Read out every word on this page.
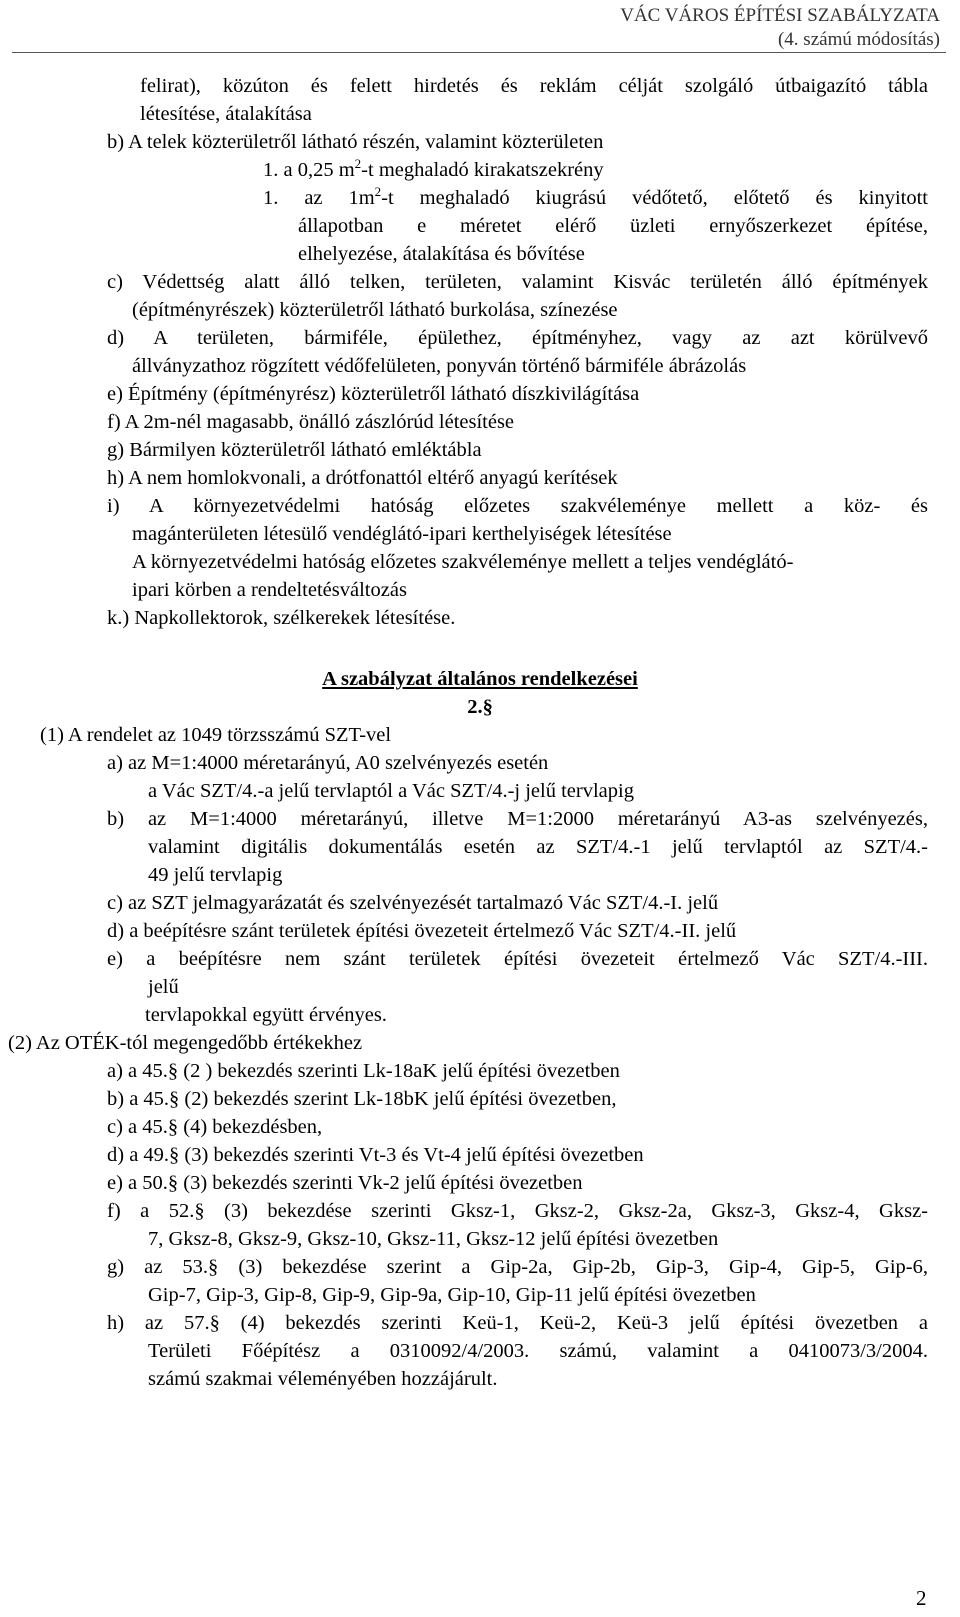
VÁC VÁROS ÉPÍTÉSI SZABÁLYZATA
(4. számú módosítás)
felirat), közúton és felett hirdetés és reklám célját szolgáló útbaigazító tábla
létesítése, átalakítása
b) A telek közterületről látható részén, valamint közterületen
1. a 0,25 $m^2-t$ meghaladó kirakatszekrény
1. az $1m^2-t$ meghaladó kiugrású védőtető, előtető és kinyitott
állapotban e méretet elérő üzleti ernyőszerkezet építése,
elhelyezése, átalakítása és bővítése
c) Védettség alatt álló telken, területen, valamint Kisvác területén álló építmények
(építményrészek) közterületről látható burkolása, színezése
d) A területen, bármiféle, épülethez, építményhez, vagy az azt körülvevő
állványzathoz rögzített védőfelületen, ponyván történő bármiféle ábrázolás
e) Építmény (építményrész) közterületről látható díszkivilágítása
f) A 2m-nél magasabb, önálló zászlórúd létesítése
g) Bármilyen közterületről látható emléktábla
h) A nem homlokvonali, a drótfonattól eltérő anyagú kerítések
i) A környezetvédelmi hatóság előzetes szakvéleménye mellett a köz- és
magánterületen létesülő vendéglátó-ipari kerthelyiségek létesítése
A környezetvédelmi hatóság előzetes szakvéleménye mellett a teljes vendéglátó-
ipari körben a rendeltetésváltozás
k.) Napkollektorok, szélkerekek létesítése.
A szabályzat általános rendelkezései
2.§
(1) A rendelet az 1049 törzsszámú SZT-vel
a) az M=1:4000 méretarányú, A0 szelvényezés esetén
a Vác SZT/4.-a jelű tervlaptól a Vác SZT/4.-j jelű tervlapig
b) az M=1:4000 méretarányú, illetve M=1:2000 méretarányú A3-as szelvényezés,
valamint digitális dokumentálás esetén az SZT/4.-1 jelű tervlaptól az SZT/4.-
49 jelű tervlapig
c) az SZT jelmagyarázatát és szelvényezését tartalmazó Vác SZT/4.-I. jelű
d) a beépítésre szánt területek építési övezeteit értelmező Vác SZT/4.-II. jelű
e) a beépítésre nem szánt területek építési övezeteit értelmező Vác SZT/4.-III.
jelű
tervlapokkal együtt érvényes.
(2) Az OTÉK-tól megengedőbb értékekhez
a) a 45.§ (2 ) bekezdés szerinti Lk-18aK jelű építési övezetben
b) a 45.§ (2) bekezdés szerint Lk-18bK jelű építési övezetben,
c) a 45.§ (4) bekezdésben,
d) a 49.§ (3) bekezdés szerinti Vt-3 és Vt-4 jelű építési övezetben
e) a 50.§ (3) bekezdés szerinti Vk-2 jelű építési övezetben
f) a 52.§ (3) bekezdése szerinti Gksz-1, Gksz-2, Gksz-2a, Gksz-3, Gksz-4, Gksz-
7, Gksz-8, Gksz-9, Gksz-10, Gksz-11, Gksz-12 jelű építési övezetben
g) az 53.§ (3) bekezdése szerint a Gip-2a, Gip-2b, Gip-3, Gip-4, Gip-5, Gip-6,
Gip-7, Gip-3, Gip-8, Gip-9, Gip-9a, Gip-10, Gip-11 jelű építési övezetben
h) az 57.§ (4) bekezdés szerinti Keü-1, Keü-2, Keü-3 jelű építési övezetben a
Területi Főépítész a 0310092/4/2003. számú, valamint a 0410073/3/2004.
számú szakmai véleményében hozzájárult.
2
